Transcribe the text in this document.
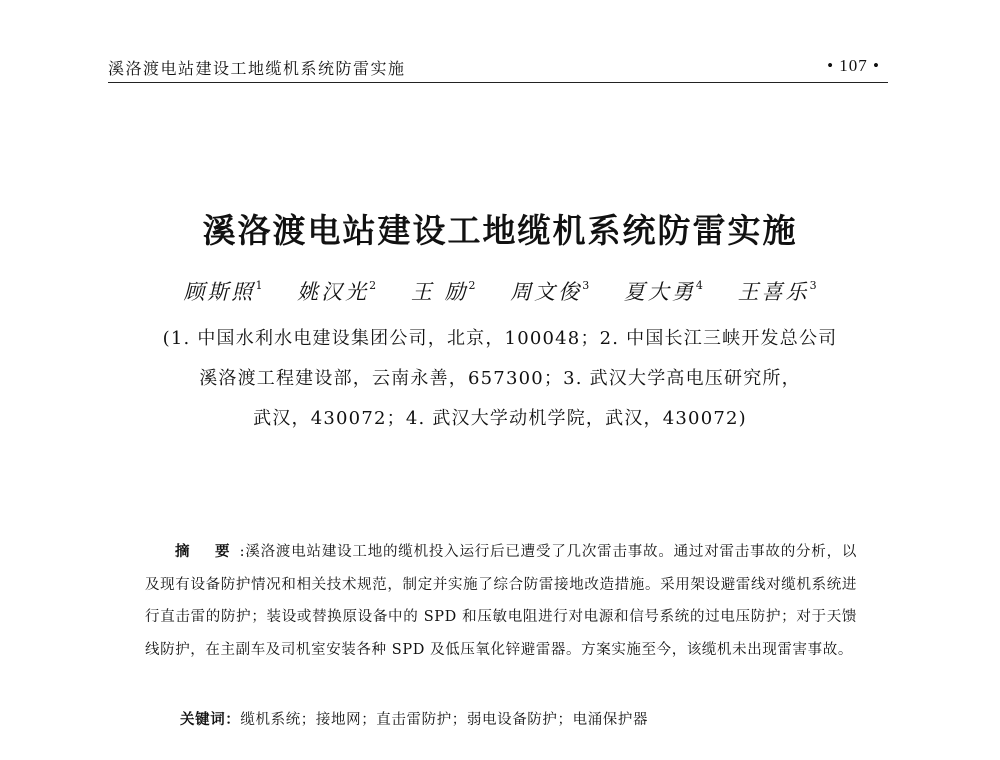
溪洛渡电站建设工地缆机系统防雷实施	• 107 •
溪洛渡电站建设工地缆机系统防雷实施
顾斯照$^1$ 姚汉光$^2$ 王 励$^2$ 周文俊$^3$ 夏大勇$^4$ 王喜乐$^3$
(1. 中国水利水电建设集团公司，北京，100048；2. 中国长江三峡开发总公司
溪洛渡工程建设部，云南永善，657300；3. 武汉大学高电压研究所，
武汉，430072；4. 武汉大学动机学院，武汉，430072)
摘 要:溪洛渡电站建设工地的缆机投入运行后已遭受了几次雷击事故。通过对雷击事故的分析，以及现有设备防护情况和相关技术规范，制定并实施了综合防雷接地改造措施。采用架设避雷线对缆机系统进行直击雷的防护；装设或替换原设备中的 SPD 和压敏电阻进行对电源和信号系统的过电压防护；对于天馈线防护，在主副车及司机室安装各种 SPD 及低压氧化锌避雷器。方案实施至今，该缆机未出现雷害事故。
关键词：缆机系统；接地网；直击雷防护；弱电设备防护；电涌保护器
